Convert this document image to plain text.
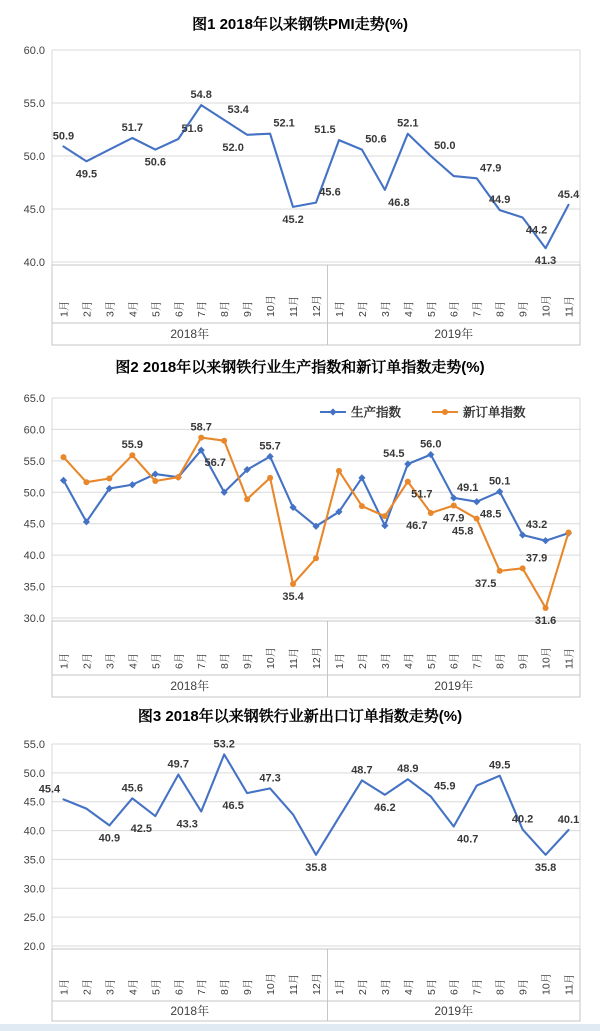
图1 2018年以来钢铁PMI走势(%)
40.0
45.0
50.0
55.0
60.0
1月 2月 3月 4月 5月 6月 7月 8月 9月 10月 11月 12月 1月 2月 3月 4月 5月 6月 7月 8月 9月 10月 11月
2018年	2019年
50.9
49.5
51.7
50.6
51.6
54.8
53.4
52.0
52.1
45.2
45.6
51.5
50.6
46.8
52.1
50.0
47.9
44.9
44.2
41.3
45.4
图2 2018年以来钢铁行业生产指数和新订单指数走势(%)
30.0
35.0
40.0
45.0
50.0
55.0
60.0
65.0
1月 2月 3月 4月 5月 6月 7月 8月 9月 10月 11月 12月 1月 2月 3月 4月 5月 6月 7月 8月 9月 10月 11月
2018年	2019年
56.7
55.7
54.5
56.0
49.1
48.5
50.1
43.2
55.9
58.7
35.4
51.7
46.7
47.9
45.8
37.5
37.9
31.6
生产指数	新订单指数
图3 2018年以来钢铁行业新出口订单指数走势(%)
20.0
25.0
30.0
35.0
40.0
45.0
50.0
55.0
1月 2月 3月 4月 5月 6月 7月 8月 9月 10月 11月 12月 1月 2月 3月 4月 5月 6月 7月 8月 9月 10月 11月
2018年	2019年
45.4
40.9
45.6
42.5
49.7
43.3
53.2
46.5
47.3
35.8
48.7
46.2
48.9
45.9
40.7
49.5
40.2
35.8
40.1
